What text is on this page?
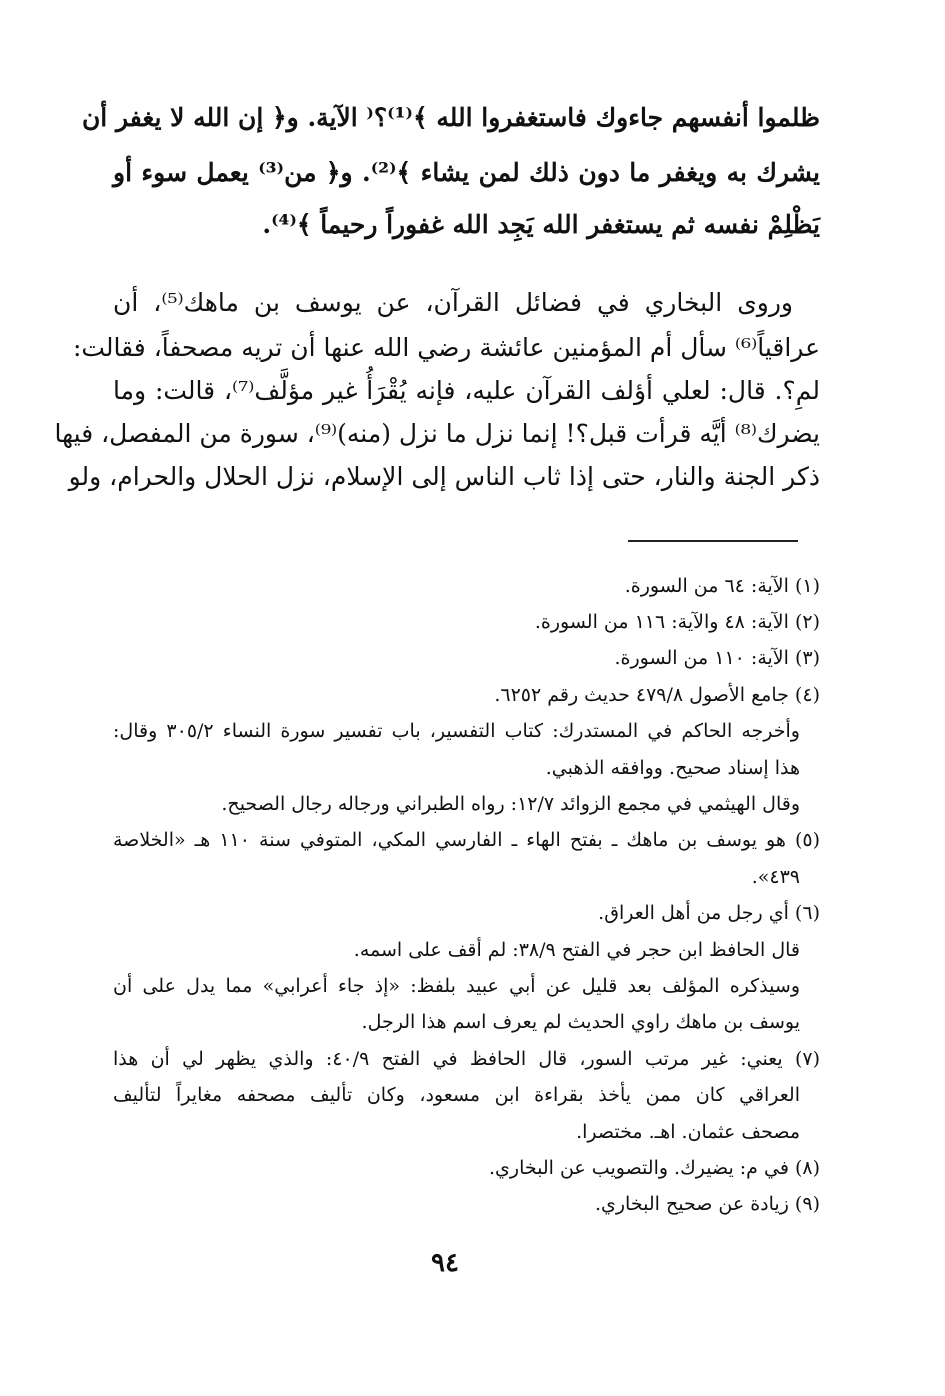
ظلموا أنفسهم جاءوك فاستغفروا الله ﴾⁽¹⁾؟⁽ الآية. و﴿ إن الله لا يغفر أن
يشرك به ويغفر ما دون ذلك لمن يشاء ﴾⁽²⁾. و﴿ من⁽³⁾ يعمل سوء أو
يَظْلِمْ نفسه ثم يستغفر الله يَجِد الله غفوراً رحيماً ﴾⁽⁴⁾.
وروى البخاري في فضائل القرآن، عن يوسف بن ماهك⁽⁵⁾، أن
عراقياً⁽⁶⁾ سأل أم المؤمنين عائشة رضي الله عنها أن تريه مصحفاً، فقالت:
لمِ؟. قال: لعلي أؤلف القرآن عليه، فإنه يُقْرَأُ غير مؤلَّف⁽⁷⁾، قالت: وما
يضرك⁽⁸⁾ أيَّه قرأت قبل؟! إنما نزل ما نزل (منه)⁽⁹⁾، سورة من المفصل، فيها
ذكر الجنة والنار، حتى إذا ثاب الناس إلى الإسلام، نزل الحلال والحرام، ولو
(١) الآية: ٦٤ من السورة.
(٢) الآية: ٤٨ والآية: ١١٦ من السورة.
(٣) الآية: ١١٠ من السورة.
(٤) جامع الأصول ٤٧٩/٨ حديث رقم ٦٢٥٢.
وأخرجه الحاكم في المستدرك: كتاب التفسير، باب تفسير سورة النساء ٣٠٥/٢ وقال:
هذا إسناد صحيح. ووافقه الذهبي.
وقال الهيثمي في مجمع الزوائد ١٢/٧: رواه الطبراني ورجاله رجال الصحيح.
(٥) هو يوسف بن ماهك ـ بفتح الهاء ـ الفارسي المكي، المتوفي سنة ١١٠ هـ «الخلاصة
٤٣٩».
(٦) أي رجل من أهل العراق.
قال الحافظ ابن حجر في الفتح ٣٨/٩: لم أقف على اسمه.
وسيذكره المؤلف بعد قليل عن أبي عبيد بلفظ: «إذ جاء أعرابي» مما يدل على أن
يوسف بن ماهك راوي الحديث لم يعرف اسم هذا الرجل.
(٧) يعني: غير مرتب السور، قال الحافظ في الفتح ٤٠/٩: والذي يظهر لي أن هذا
العراقي كان ممن يأخذ بقراءة ابن مسعود، وكان تأليف مصحفه مغايراً لتأليف
مصحف عثمان. اهـ. مختصرا.
(٨) في م: يضيرك. والتصويب عن البخاري.
(٩) زيادة عن صحيح البخاري.
٩٤
